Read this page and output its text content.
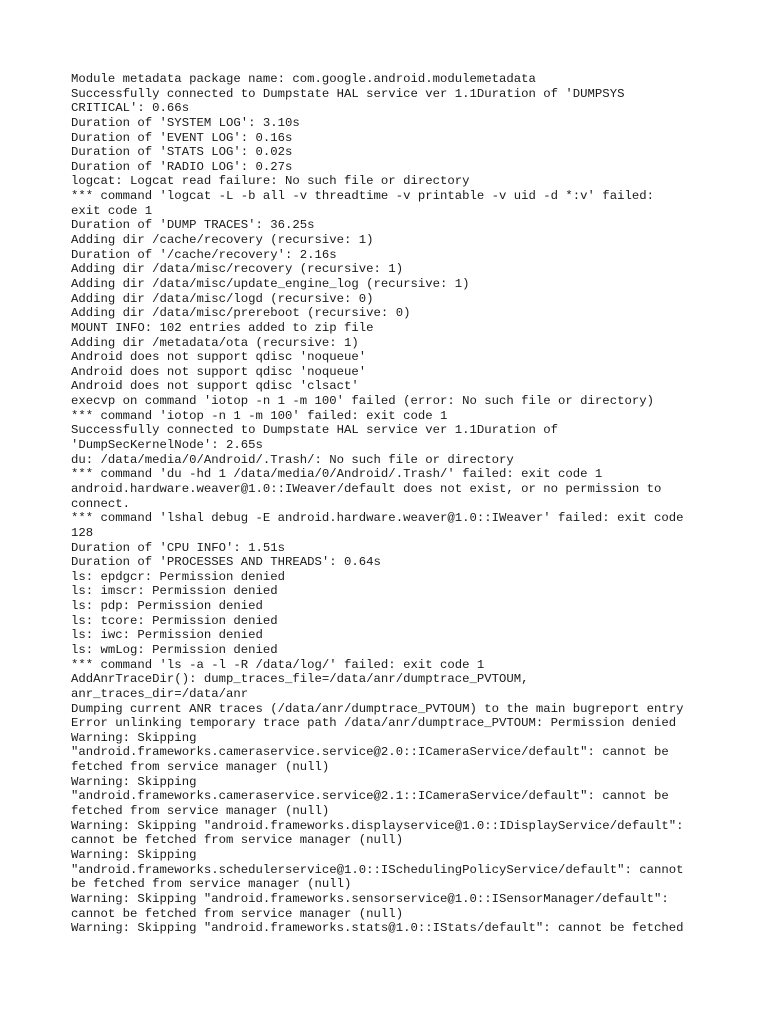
Module metadata package name: com.google.android.modulemetadata
Successfully connected to Dumpstate HAL service ver 1.1Duration of 'DUMPSYS
CRITICAL': 0.66s
Duration of 'SYSTEM LOG': 3.10s
Duration of 'EVENT LOG': 0.16s
Duration of 'STATS LOG': 0.02s
Duration of 'RADIO LOG': 0.27s
logcat: Logcat read failure: No such file or directory
*** command 'logcat -L -b all -v threadtime -v printable -v uid -d *:v' failed:
exit code 1
Duration of 'DUMP TRACES': 36.25s
Adding dir /cache/recovery (recursive: 1)
Duration of '/cache/recovery': 2.16s
Adding dir /data/misc/recovery (recursive: 1)
Adding dir /data/misc/update_engine_log (recursive: 1)
Adding dir /data/misc/logd (recursive: 0)
Adding dir /data/misc/prereboot (recursive: 0)
MOUNT INFO: 102 entries added to zip file
Adding dir /metadata/ota (recursive: 1)
Android does not support qdisc 'noqueue'
Android does not support qdisc 'noqueue'
Android does not support qdisc 'clsact'
execvp on command 'iotop -n 1 -m 100' failed (error: No such file or directory)
*** command 'iotop -n 1 -m 100' failed: exit code 1
Successfully connected to Dumpstate HAL service ver 1.1Duration of
'DumpSecKernelNode': 2.65s
du: /data/media/0/Android/.Trash/: No such file or directory
*** command 'du -hd 1 /data/media/0/Android/.Trash/' failed: exit code 1
android.hardware.weaver@1.0::IWeaver/default does not exist, or no permission to
connect.
*** command 'lshal debug -E android.hardware.weaver@1.0::IWeaver' failed: exit code
128
Duration of 'CPU INFO': 1.51s
Duration of 'PROCESSES AND THREADS': 0.64s
ls: epdgcr: Permission denied
ls: imscr: Permission denied
ls: pdp: Permission denied
ls: tcore: Permission denied
ls: iwc: Permission denied
ls: wmLog: Permission denied
*** command 'ls -a -l -R /data/log/' failed: exit code 1
AddAnrTraceDir(): dump_traces_file=/data/anr/dumptrace_PVTOUM,
anr_traces_dir=/data/anr
Dumping current ANR traces (/data/anr/dumptrace_PVTOUM) to the main bugreport entry
Error unlinking temporary trace path /data/anr/dumptrace_PVTOUM: Permission denied
Warning: Skipping
"android.frameworks.cameraservice.service@2.0::ICameraService/default": cannot be
fetched from service manager (null)
Warning: Skipping
"android.frameworks.cameraservice.service@2.1::ICameraService/default": cannot be
fetched from service manager (null)
Warning: Skipping "android.frameworks.displayservice@1.0::IDisplayService/default":
cannot be fetched from service manager (null)
Warning: Skipping
"android.frameworks.schedulerservice@1.0::ISchedulingPolicyService/default": cannot
be fetched from service manager (null)
Warning: Skipping "android.frameworks.sensorservice@1.0::ISensorManager/default":
cannot be fetched from service manager (null)
Warning: Skipping "android.frameworks.stats@1.0::IStats/default": cannot be fetched
